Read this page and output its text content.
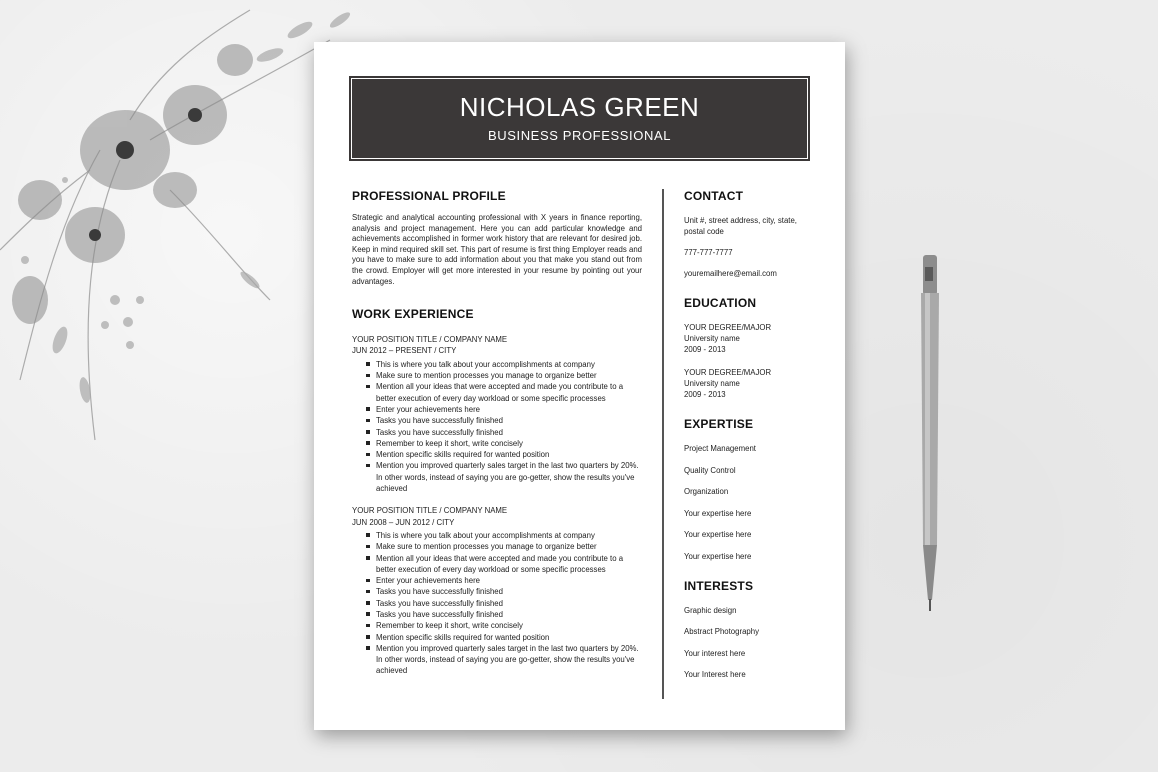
NICHOLAS GREEN
BUSINESS PROFESSIONAL
PROFESSIONAL PROFILE

Strategic and analytical accounting professional with X years in finance reporting, analysis and project management. Here you can add particular knowledge and achievements accomplished in former work history that are relevant for desired job. Keep in mind required skill set. This part of resume is first thing Employer reads and you have to make sure to add information about you that make you stand out from the crowd. Employer will get more interested in your resume by pointing out your advantages.

WORK EXPERIENCE

YOUR POSITION TITLE / COMPANY NAME

JUN 2012 – PRESENT / CITY

This is where you talk about your accomplishments at company
Make sure to mention processes you manage to organize better
Mention all your ideas that were accepted and made you contribute to a better execution of every day workload or some specific processes
Enter your achievements here
Tasks you have successfully finished
Tasks you have successfully finished
Remember to keep it short, write concisely
Mention specific skills required for wanted position
Mention you improved quarterly sales target in the last two quarters by 20%. In other words, instead of saying you are go-getter, show the results you've achieved

YOUR POSITION TITLE / COMPANY NAME

JUN 2008 – JUN 2012 / CITY

This is where you talk about your accomplishments at company
Make sure to mention processes you manage to organize better
Mention all your ideas that were accepted and made you contribute to a better execution of every day workload or some specific processes
Enter your achievements here
Tasks you have successfully finished
Tasks you have successfully finished
Tasks you have successfully finished
Remember to keep it short, write concisely
Mention specific skills required for wanted position
Mention you improved quarterly sales target in the last two quarters by 20%. In other words, instead of saying you are go-getter, show the results you've achieved
CONTACT

Unit #, street address, city, state, postal code

777-777-7777

youremailhere@email.com

EDUCATION

YOUR DEGREE/MAJOR

University name

2009 - 2013

YOUR DEGREE/MAJOR

University name

2009 - 2013

EXPERTISE

Project Management

Quality Control

Organization

Your expertise here

Your expertise here

Your expertise here

INTERESTS

Graphic design

Abstract Photography

Your interest here

Your Interest here
